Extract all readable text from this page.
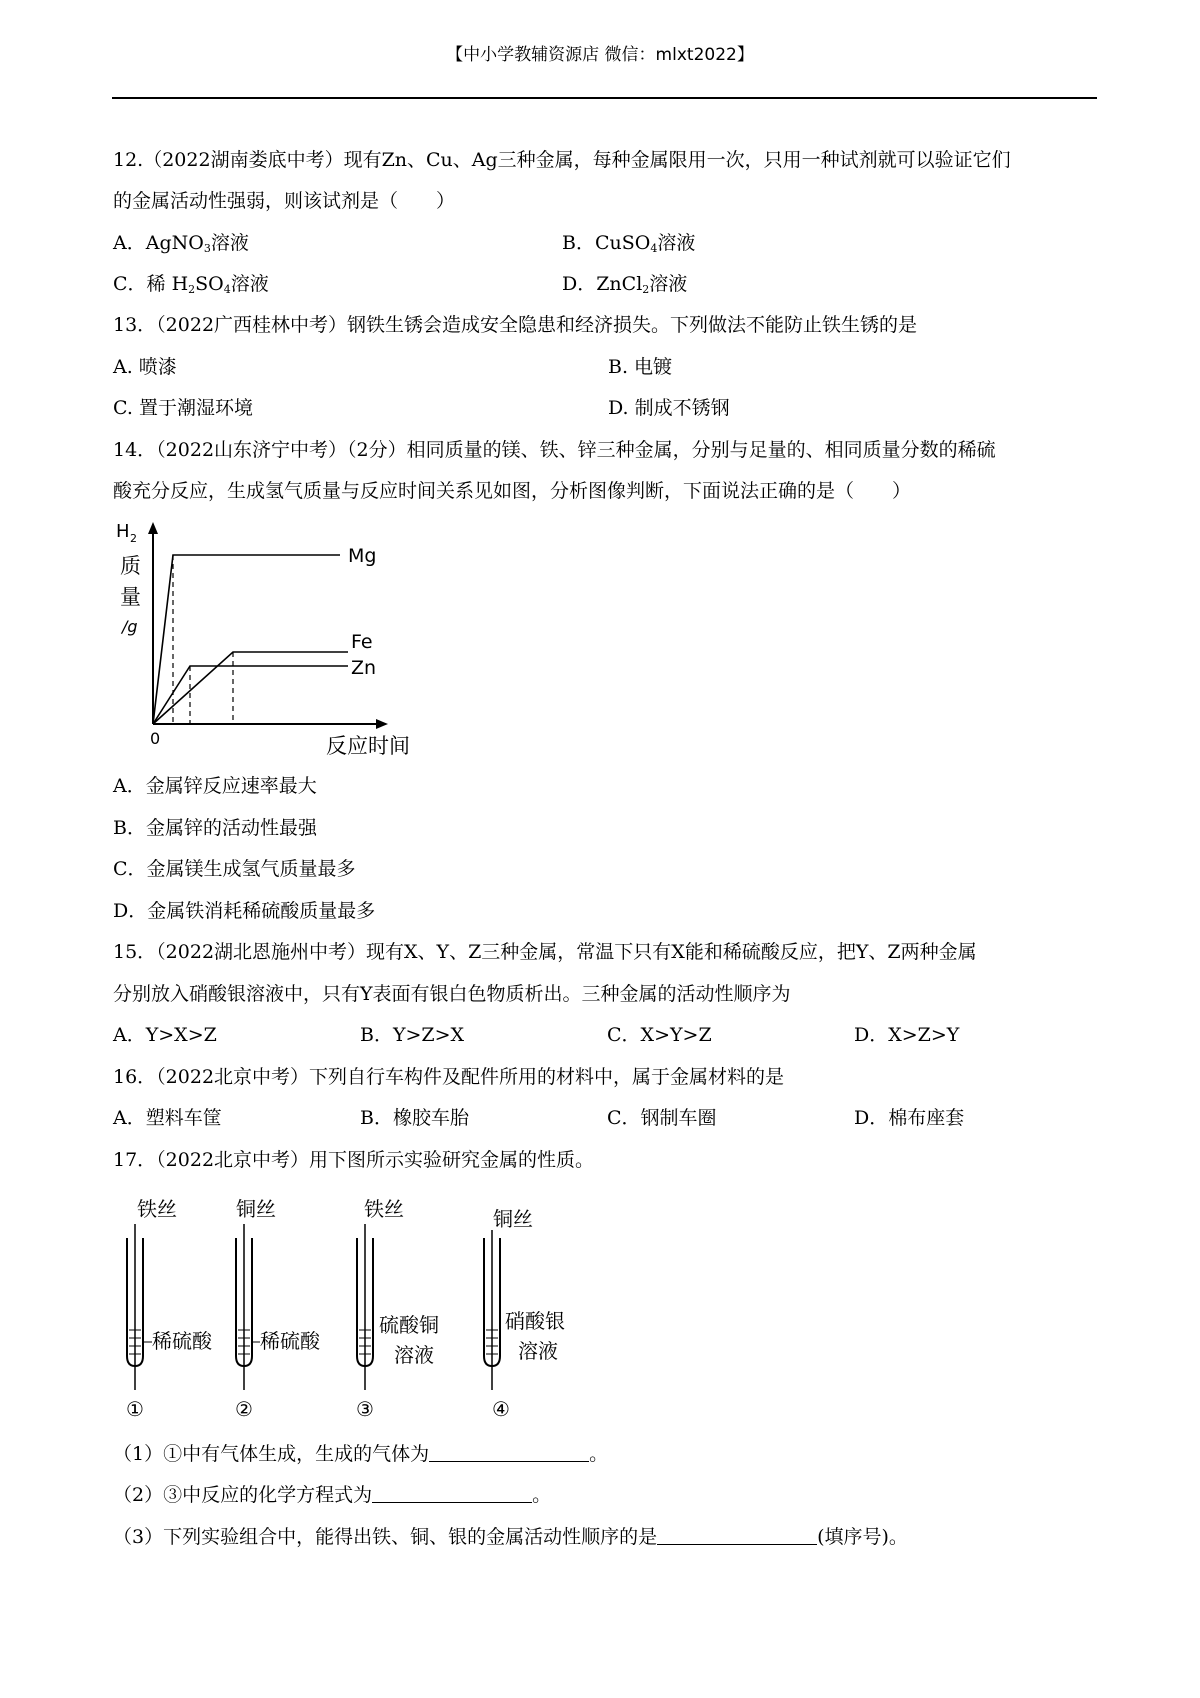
【中小学教辅资源店 微信：mlxt2022】
12.（2022湖南娄底中考）现有Zn、Cu、Ag三种金属，每种金属限用一次，只用一种试剂就可以验证它们
的金属活动性强弱，则该试剂是（　　）
A．AgNO$_3$溶液	B．CuSO$_4$溶液
C．稀 $H_2SO_4$溶液	D．ZnCl$_2$溶液
13．（2022广西桂林中考）钢铁生锈会造成安全隐患和经济损失。下列做法不能防止铁生锈的是
A. 喷漆	B. 电镀
C. 置于潮湿环境	D. 制成不锈钢
14．（2022山东济宁中考）（2分）相同质量的镁、铁、锌三种金属，分别与足量的、相同质量分数的稀硫
酸充分反应，生成氢气质量与反应时间关系见如图，分析图像判断，下面说法正确的是（　　）
H 2
质
量
/g
0	反应时间
Mg
Fe
Zn
A．金属锌反应速率最大
B．金属锌的活动性最强
C．金属镁生成氢气质量最多
D．金属铁消耗稀硫酸质量最多
15．（2022湖北恩施州中考）现有X、Y、Z三种金属，常温下只有X能和稀硫酸反应，把Y、Z两种金属
分别放入硝酸银溶液中，只有Y表面有银白色物质析出。三种金属的活动性顺序为
A．Y>X>Z	B．Y>Z>X	C．X>Y>Z	D．X>Z>Y
16．（2022北京中考）下列自行车构件及配件所用的材料中，属于金属材料的是
A．塑料车筐	B．橡胶车胎	C．钢制车圈	D．棉布座套
17．（2022北京中考）用下图所示实验研究金属的性质。
铁丝
稀硫酸
①
铜丝
稀硫酸
②
铁丝
硫酸铜
溶液
③
铜丝
硝酸银
溶液
④
（1）①中有气体生成，生成的气体为	。
（2）③中反应的化学方程式为	。
（3）下列实验组合中，能得出铁、铜、银的金属活动性顺序的是	(填序号)。
